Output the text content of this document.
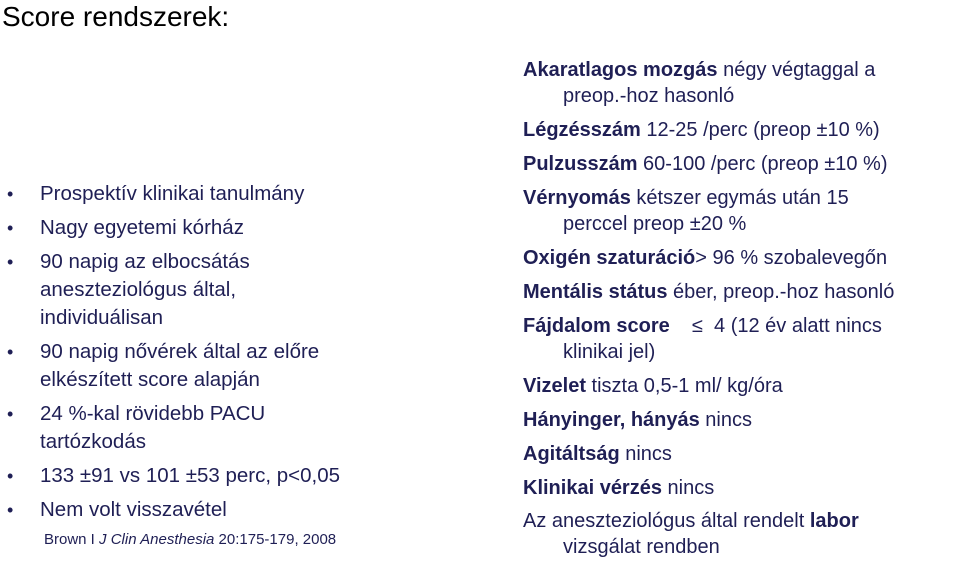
Score rendszerek:
• Prospektív klinikai tanulmány
• Nagy egyetemi kórház
• 90 napig az elbocsátás
aneszteziológus által,
individuálisan
• 90 napig nővérek által az előre
elkészített score alapján
• 24 %-kal rövidebb PACU
tartózkodás
• 133 ±91 vs 101 ±53 perc, p<0,05
• Nem volt visszavétel
Brown I J Clin Anesthesia 20:175-179, 2008
Akaratlagos mozgás négy végtaggal a
preop.-hoz hasonló
Légzésszám 12-25 /perc (preop ±10 %)
Pulzusszám 60-100 /perc (preop ±10 %)
Vérnyomás kétszer egymás után 15
perccel preop ±20 %
Oxigén szaturáció> 96 % szobalevegőn
Mentális státus éber, preop.-hoz hasonló
Fájdalom score    ≤  4 (12 év alatt nincs
klinikai jel)
Vizelet tiszta 0,5-1 ml/ kg/óra
Hányinger, hányás nincs
Agitáltság nincs
Klinikai vérzés nincs
Az aneszteziológus által rendelt labor
vizsgálat rendben
